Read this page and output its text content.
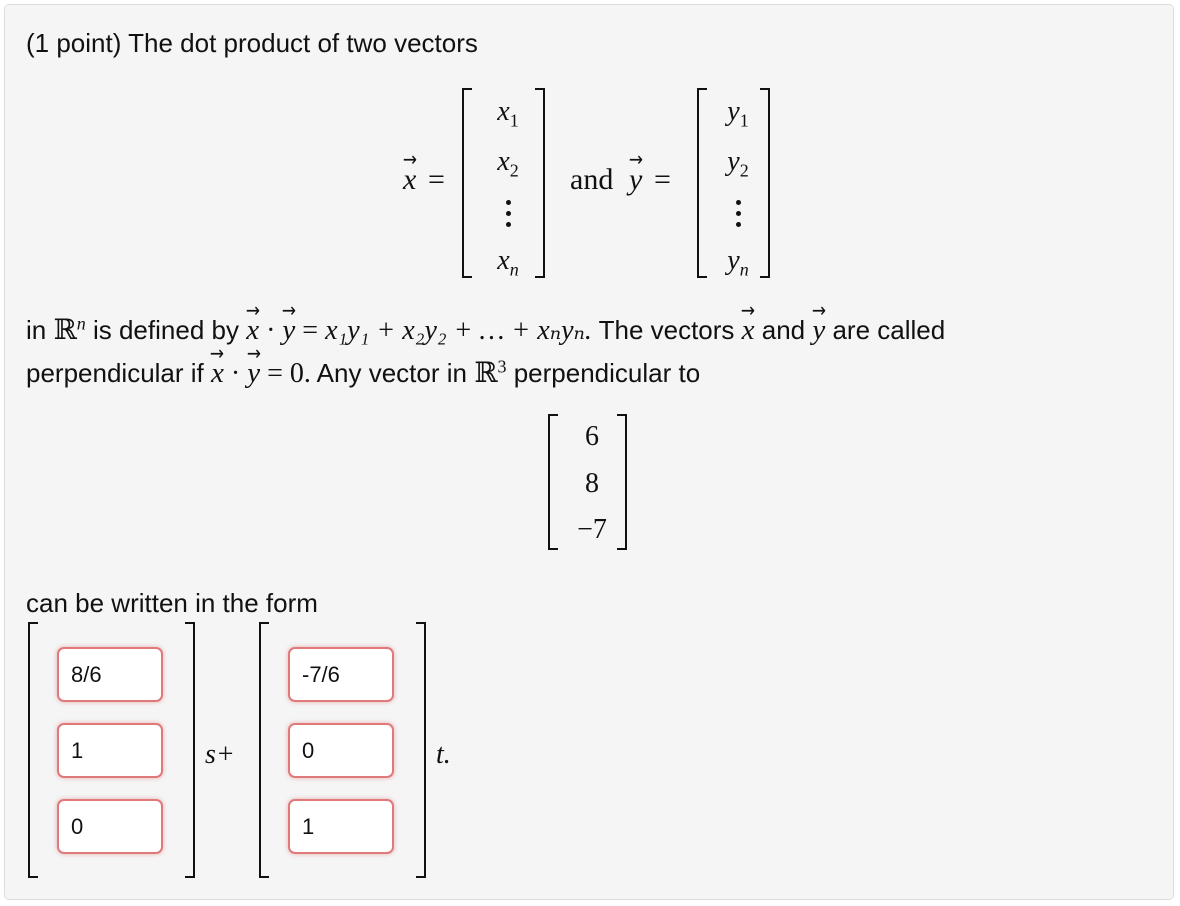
(1 point) The dot product of two vectors
→ x =
$x_1$
$x_2$
$x_n$
and
→ y =
$y_1$
$y_2$
$y_n$
in ℝ$^n$ is defined by → x · → y = x₁y₁ + x₂y₂ + … + xₙyₙ. The vectors → x and → y are called
perpendicular if → x · → y = 0. Any vector in ℝ$^3$ perpendicular to
6
8
−7
can be written in the form
8/6
1
0
s+
-7/6
0
1	t.
